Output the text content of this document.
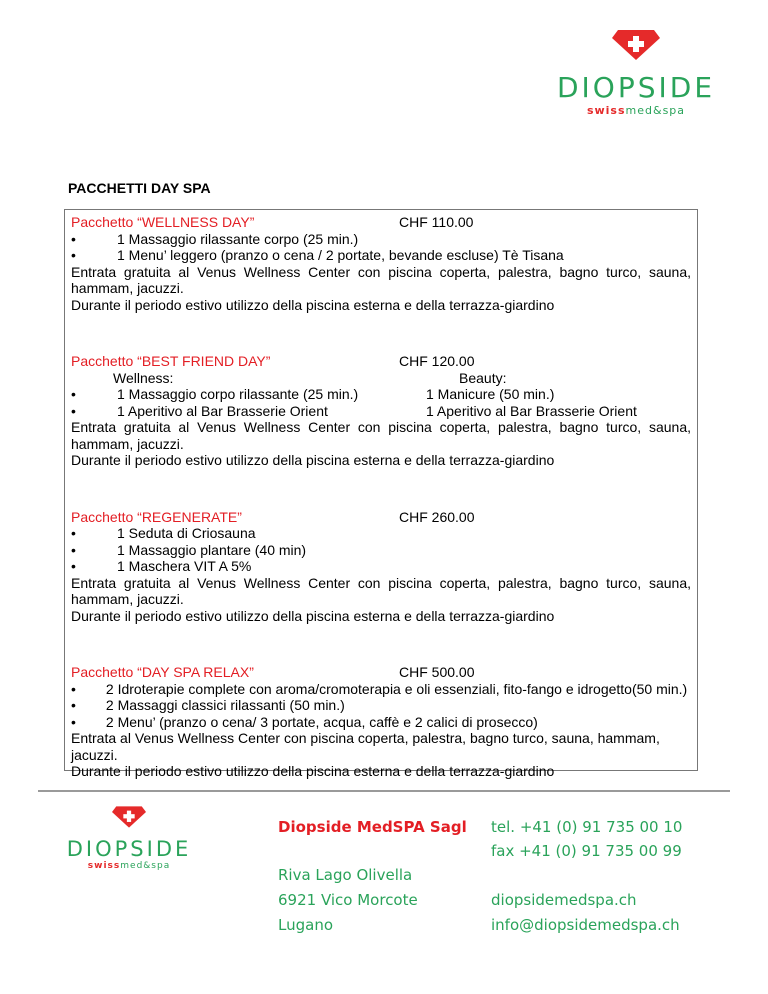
DIOPSIDE
swissmed&spa
PACCHETTI DAY SPA
Pacchetto “WELLNESS DAY”	CHF 110.00
•	1 Massaggio rilassante corpo (25 min.)
•	1 Menu’ leggero (pranzo o cena / 2 portate, bevande escluse) Tè Tisana
Entrata gratuita al Venus Wellness Center con piscina coperta, palestra, bagno turco, sauna, hammam, jacuzzi.
Durante il periodo estivo utilizzo della piscina esterna e della terrazza-giardino
Pacchetto “BEST FRIEND DAY”	CHF 120.00
Wellness:	Beauty:
•	1 Massaggio corpo rilassante (25 min.)	1 Manicure (50 min.)
•	1 Aperitivo al Bar Brasserie Orient	1 Aperitivo al Bar Brasserie Orient
Entrata gratuita al Venus Wellness Center con piscina coperta, palestra, bagno turco, sauna, hammam, jacuzzi.
Durante il periodo estivo utilizzo della piscina esterna e della terrazza-giardino
Pacchetto “REGENERATE”	CHF 260.00
•	1 Seduta di Criosauna
•	1 Massaggio plantare (40 min)
•	1 Maschera VIT A 5%
Entrata gratuita al Venus Wellness Center con piscina coperta, palestra, bagno turco, sauna, hammam, jacuzzi.
Durante il periodo estivo utilizzo della piscina esterna e della terrazza-giardino
Pacchetto “DAY SPA RELAX”	CHF 500.00
• 2 Idroterapie complete con aroma/cromoterapia e oli essenziali, fito-fango e idrogetto(50 min.)
• 2 Massaggi classici rilassanti (50 min.)
• 2 Menu’ (pranzo o cena/ 3 portate, acqua, caffè e 2 calici di prosecco)
Entrata al Venus Wellness Center con piscina coperta, palestra, bagno turco, sauna, hammam, jacuzzi.
Durante il periodo estivo utilizzo della piscina esterna e della terrazza-giardino
DIOPSIDE
swissmed&spa
Diopside MedSPA Sagl
Riva Lago Olivella
6921 Vico Morcote
Lugano
tel. +41 (0) 91 735 00 10
fax +41 (0) 91 735 00 99
diopsidemedspa.ch
info@diopsidemedspa.ch
